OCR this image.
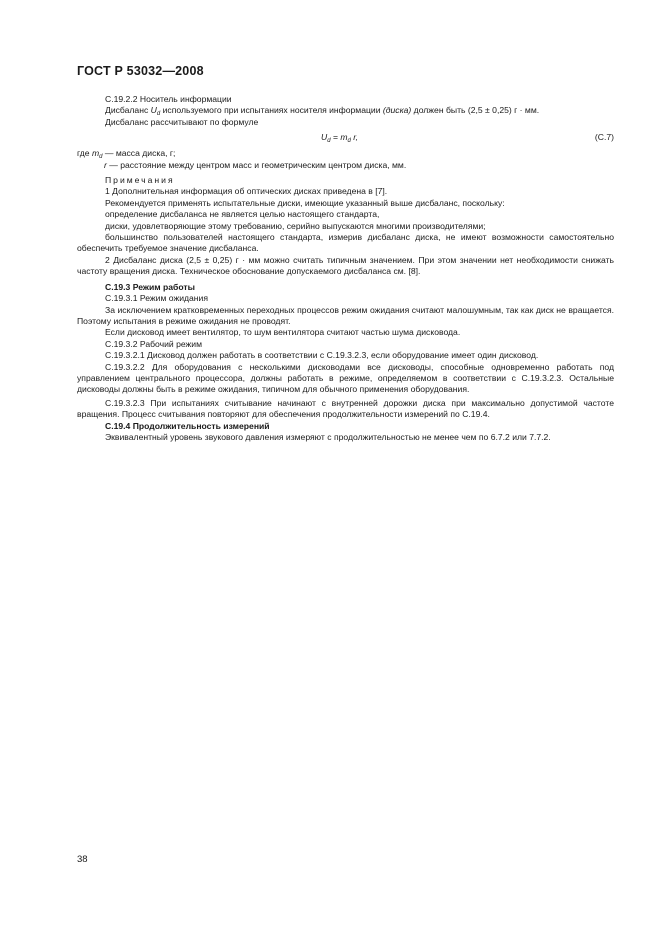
ГОСТ Р 53032—2008
С.19.2.2 Носитель информации
Дисбаланс $U_d$ используемого при испытаниях носителя информации (диска) должен быть (2,5 ± 0,25) г · мм.
Дисбаланс рассчитывают по формуле
$U_d = m_d$ r,	(С.7)
где $m_d$ — масса диска, г;
r — расстояние между центром масс и геометрическим центром диска, мм.
Примечания
1 Дополнительная информация об оптических дисках приведена в [7].
Рекомендуется применять испытательные диски, имеющие указанный выше дисбаланс, поскольку:
определение дисбаланса не является целью настоящего стандарта,
диски, удовлетворяющие этому требованию, серийно выпускаются многими производителями;
большинство пользователей настоящего стандарта, измерив дисбаланс диска, не имеют возможности самостоятельно обеспечить требуемое значение дисбаланса.
2 Дисбаланс диска (2,5 ± 0,25) г · мм можно считать типичным значением. При этом значении нет необходимости снижать частоту вращения диска. Техническое обоснование допускаемого дисбаланса см. [8].
С.19.3 Режим работы
С.19.3.1 Режим ожидания
За исключением кратковременных переходных процессов режим ожидания считают малошумным, так как диск не вращается. Поэтому испытания в режиме ожидания не проводят.
Если дисковод имеет вентилятор, то шум вентилятора считают частью шума дисковода.
С.19.3.2 Рабочий режим
С.19.3.2.1 Дисковод должен работать в соответствии с С.19.3.2.3, если оборудование имеет один дисковод.
С.19.3.2.2 Для оборудования с несколькими дисководами все дисководы, способные одновременно работать под управлением центрального процессора, должны работать в режиме, определяемом в соответствии с С.19.3.2.3. Остальные дисководы должны быть в режиме ожидания, типичном для обычного применения оборудования.
С.19.3.2.3 При испытаниях считывание начинают с внутренней дорожки диска при максимально допустимой частоте вращения. Процесс считывания повторяют для обеспечения продолжительности измерений по С.19.4.
С.19.4 Продолжительность измерений
Эквивалентный уровень звукового давления измеряют с продолжительностью не менее чем по 6.7.2 или 7.7.2.
38
